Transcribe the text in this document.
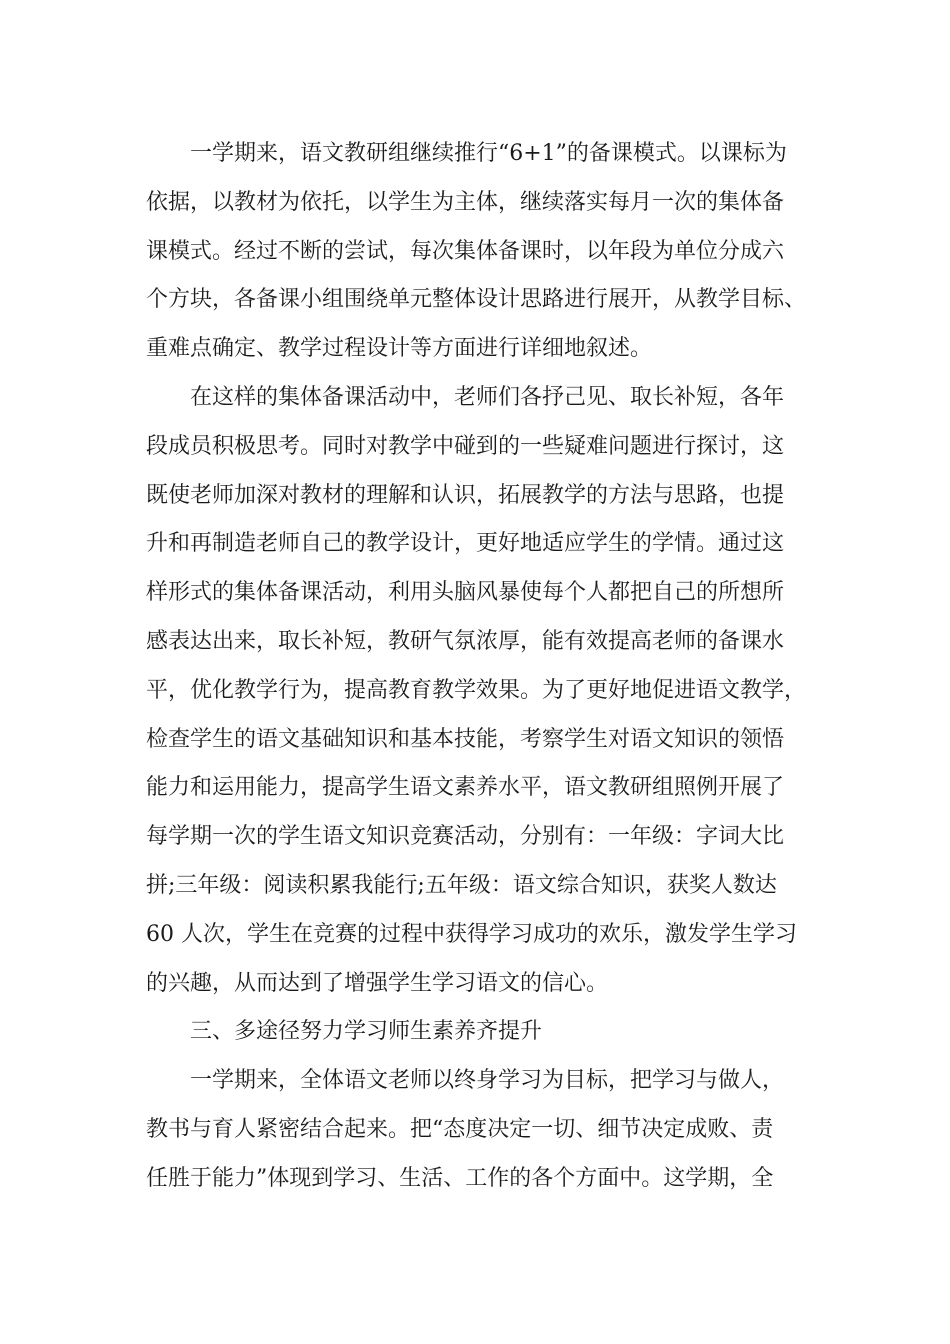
一学期来，语文教研组继续推行“6+1”的备课模式。以课标为
依据，以教材为依托，以学生为主体，继续落实每月一次的集体备
课模式。经过不断的尝试，每次集体备课时，以年段为单位分成六
个方块，各备课小组围绕单元整体设计思路进行展开，从教学目标、
重难点确定、教学过程设计等方面进行详细地叙述。
在这样的集体备课活动中，老师们各抒己见、取长补短，各年
段成员积极思考。同时对教学中碰到的一些疑难问题进行探讨，这
既使老师加深对教材的理解和认识，拓展教学的方法与思路，也提
升和再制造老师自己的教学设计，更好地适应学生的学情。通过这
样形式的集体备课活动，利用头脑风暴使每个人都把自己的所想所
感表达出来，取长补短，教研气氛浓厚，能有效提高老师的备课水
平，优化教学行为，提高教育教学效果。为了更好地促进语文教学，
检查学生的语文基础知识和基本技能，考察学生对语文知识的领悟
能力和运用能力，提高学生语文素养水平，语文教研组照例开展了
每学期一次的学生语文知识竞赛活动，分别有：一年级：字词大比
拼;三年级：阅读积累我能行;五年级：语文综合知识，获奖人数达
60 人次，学生在竞赛的过程中获得学习成功的欢乐，激发学生学习
的兴趣，从而达到了增强学生学习语文的信心。
三、多途径努力学习师生素养齐提升
一学期来，全体语文老师以终身学习为目标，把学习与做人，
教书与育人紧密结合起来。把“态度决定一切、细节决定成败、责
任胜于能力”体现到学习、生活、工作的各个方面中。这学期，全
